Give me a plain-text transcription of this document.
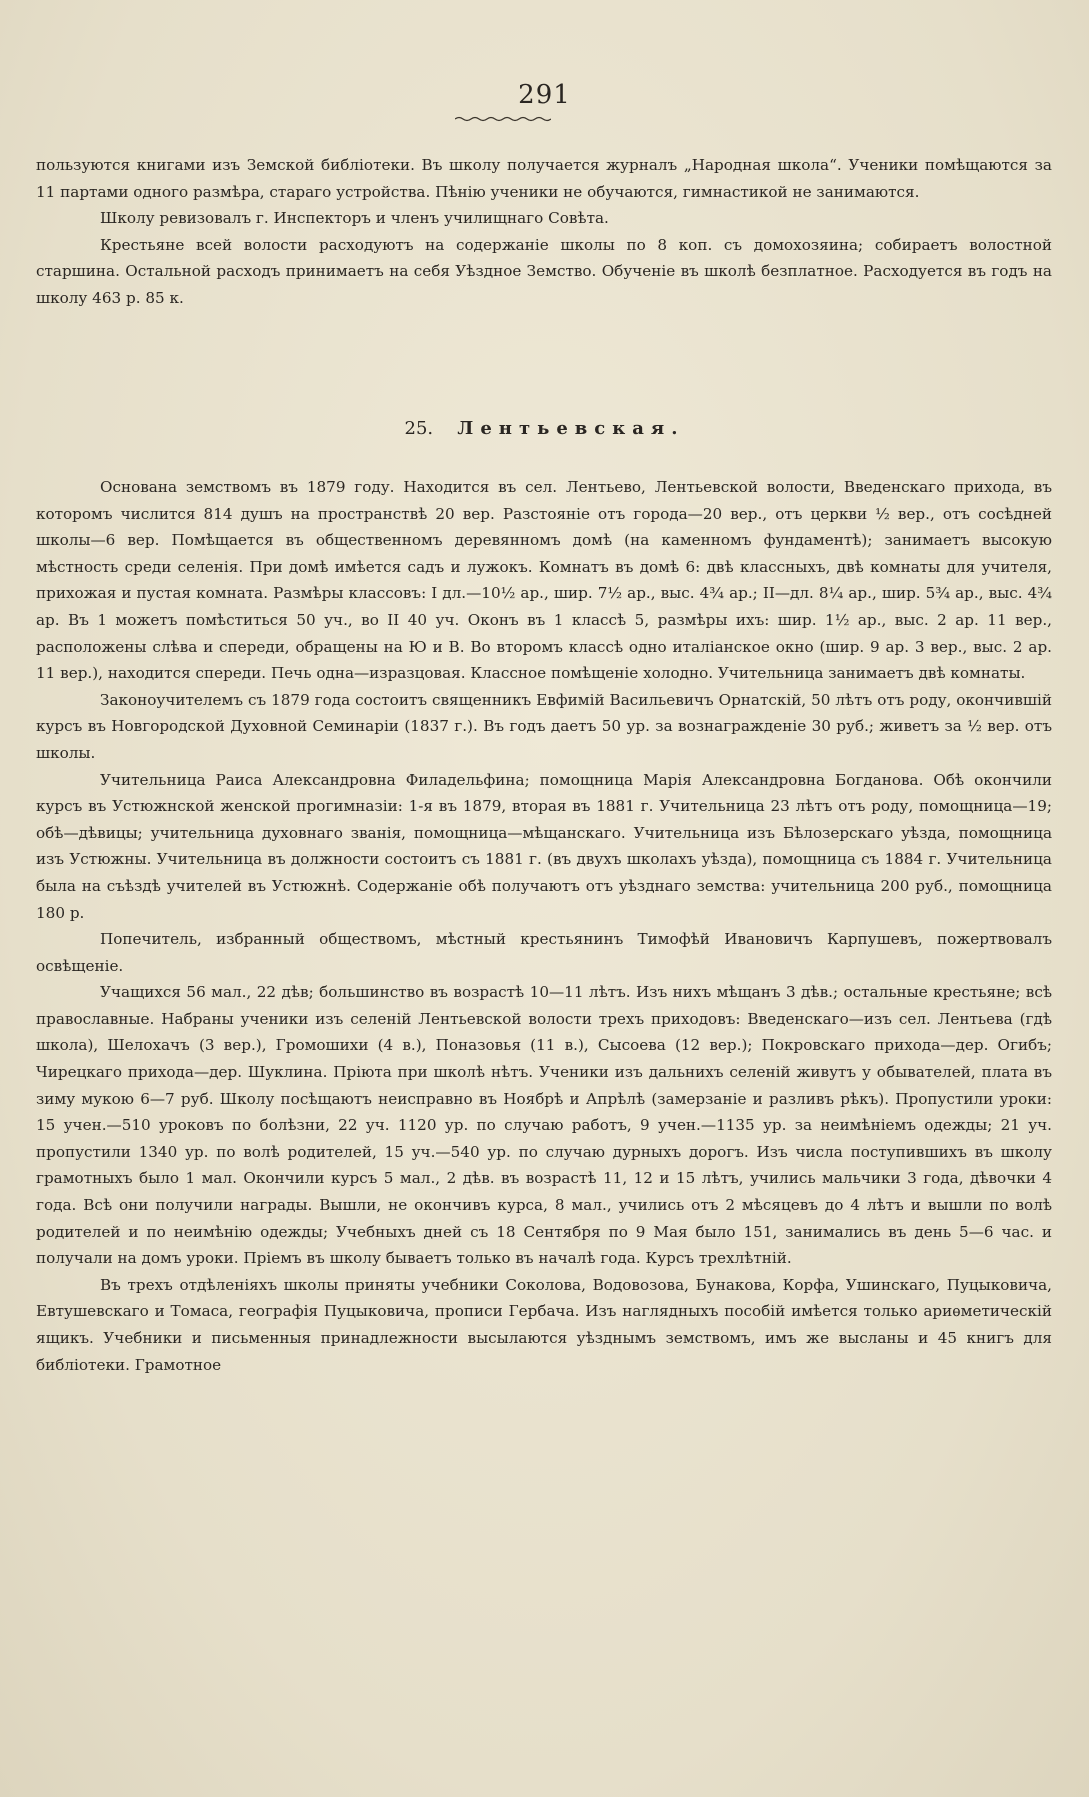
291

пользуются книгами изъ Земской библiотеки. Въ школу получается журналъ „Народная школа“. Ученики помѣщаются за 11 партами одного размѣра, стараго устройства. Пѣнiю ученики не обучаются, гимнастикой не занимаются.

Школу ревизовалъ г. Инспекторъ и членъ училищнаго Совѣта.

Крестьяне всей волости расходуютъ на содержанiе школы по 8 коп. съ домохозяина; собираетъ волостной старшина. Остальной расходъ принимаетъ на себя Уѣздное Земство. Обученiе въ школѣ безплатное. Расходуется въ годъ на школу 463 р. 85 к.

25. Лентьевская.

Основана земствомъ въ 1879 году. Находится въ сел. Лентьево, Лентьевской волости, Введенскаго прихода, въ которомъ числится 814 душъ на пространствѣ 20 вер. Разстоянiе отъ города—20 вер., отъ церкви ½ вер., отъ сосѣдней школы—6 вер. Помѣщается въ общественномъ деревянномъ домѣ (на каменномъ фундаментѣ); занимаетъ высокую мѣстность среди селенiя. При домѣ имѣется садъ и лужокъ. Комнатъ въ домѣ 6: двѣ классныхъ, двѣ комнаты для учителя, прихожая и пустая комната. Размѣры классовъ: I дл.—10½ ар., шир. 7½ ар., выс. 4¾ ар.; II—дл. 8¼ ар., шир. 5¾ ар., выс. 4¾ ар. Въ 1 можетъ помѣститься 50 уч., во II 40 уч. Оконъ въ 1 классѣ 5, размѣры ихъ: шир. 1½ ар., выс. 2 ар. 11 вер., расположены слѣва и спереди, обращены на Ю и В. Во второмъ классѣ одно италiанское окно (шир. 9 ар. 3 вер., выс. 2 ар. 11 вер.), находится спереди. Печь одна—изразцовая. Классное помѣщенiе холодно. Учительница занимаетъ двѣ комнаты.

Законоучителемъ съ 1879 года состоитъ священникъ Евфимiй Васильевичъ Орнатскiй, 50 лѣтъ отъ роду, окончившiй курсъ въ Новгородской Духовной Семинарiи (1837 г.). Въ годъ даетъ 50 ур. за вознагражденiе 30 руб.; живетъ за ½ вер. отъ школы.

Учительница Раиса Александровна Филадельфина; помощница Марiя Александровна Богданова. Обѣ окончили курсъ въ Устюжнской женской прогимназiи: 1-я въ 1879, вторая въ 1881 г. Учительница 23 лѣтъ отъ роду, помощница—19; обѣ—дѣвицы; учительница духовнаго званiя, помощница—мѣщанскаго. Учительница изъ Бѣлозерскаго уѣзда, помощница изъ Устюжны. Учительница въ должности состоитъ съ 1881 г. (въ двухъ школахъ уѣзда), помощница съ 1884 г. Учительница была на съѣздѣ учителей въ Устюжнѣ. Содержанiе обѣ получаютъ отъ уѣзднаго земства: учительница 200 руб., помощница 180 р.

Попечитель, избранный обществомъ, мѣстный крестьянинъ Тимофѣй Ивановичъ Карпушевъ, пожертвовалъ освѣщенiе.

Учащихся 56 мал., 22 дѣв; большинство въ возрастѣ 10—11 лѣтъ. Изъ нихъ мѣщанъ 3 дѣв.; остальные крестьяне; всѣ православные. Набраны ученики изъ селенiй Лентьевской волости трехъ приходовъ: Введенскаго—изъ сел. Лентьева (гдѣ школа), Шелохачъ (3 вер.), Громошихи (4 в.), Поназовья (11 в.), Сысоева (12 вер.); Покровскаго прихода—дер. Огибъ; Чирецкаго прихода—дер. Шуклина. Прiюта при школѣ нѣтъ. Ученики изъ дальнихъ селенiй живутъ у обывателей, плата въ зиму мукою 6—7 руб. Школу посѣщаютъ неисправно въ Ноябрѣ и Апрѣлѣ (замерзанiе и разливъ рѣкъ). Пропустили уроки: 15 учен.—510 уроковъ по болѣзни, 22 уч. 1120 ур. по случаю работъ, 9 учен.—1135 ур. за неимѣнiемъ одежды; 21 уч. пропустили 1340 ур. по волѣ родителей, 15 уч.—540 ур. по случаю дурныхъ дорогъ. Изъ числа поступившихъ въ школу грамотныхъ было 1 мал. Окончили курсъ 5 мал., 2 дѣв. въ возрастѣ 11, 12 и 15 лѣтъ, учились мальчики 3 года, дѣвочки 4 года. Всѣ они получили награды. Вышли, не окончивъ курса, 8 мал., учились отъ 2 мѣсяцевъ до 4 лѣтъ и вышли по волѣ родителей и по неимѣнiю одежды; Учебныхъ дней съ 18 Сентября по 9 Мая было 151, занимались въ день 5—6 час. и получали на домъ уроки. Прiемъ въ школу бываетъ только въ началѣ года. Курсъ трехлѣтнiй.

Въ трехъ отдѣленiяхъ школы приняты учебники Соколова, Водовозова, Бунакова, Корфа, Ушинскаго, Пуцыковича, Евтушевскаго и Томаса, географiя Пуцыковича, прописи Гербача. Изъ наглядныхъ пособiй имѣется только ариѳметическiй ящикъ. Учебники и письменныя принадлежности высылаются уѣзднымъ земствомъ, имъ же высланы и 45 книгъ для библiотеки. Грамотное
